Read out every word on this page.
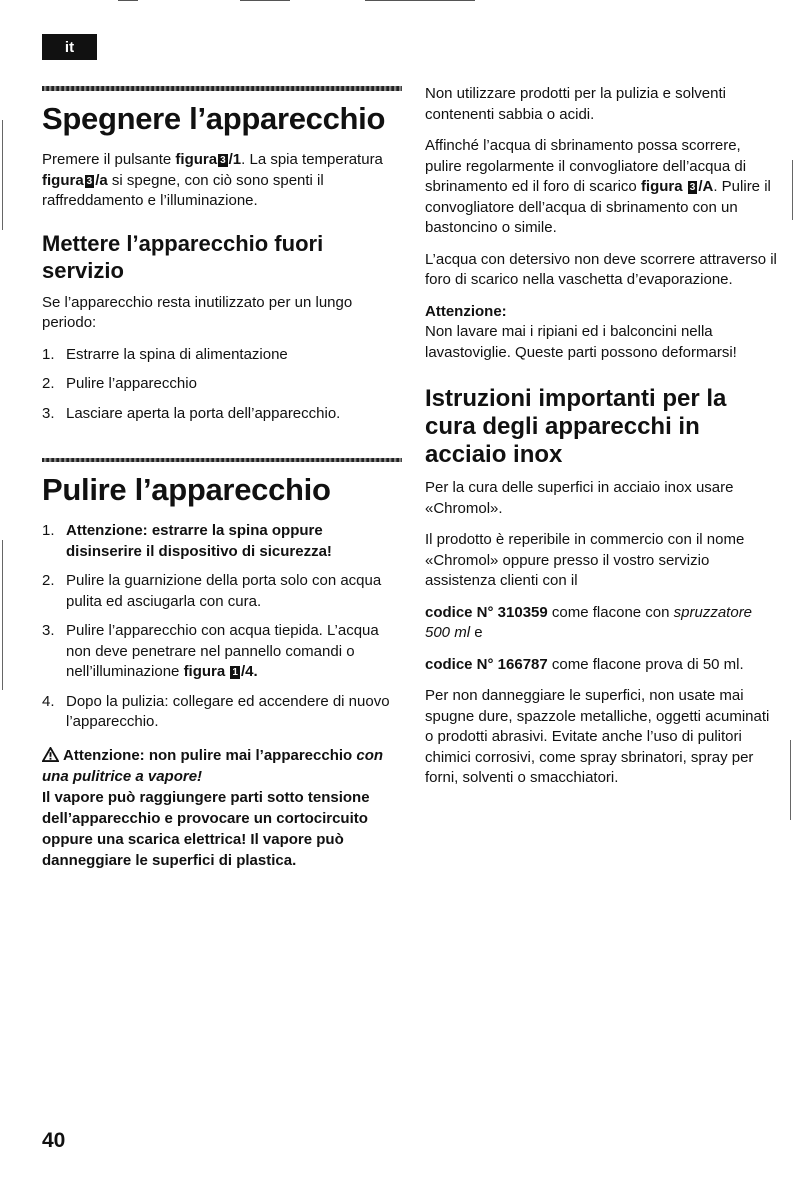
it
Spegnere l’apparecchio

Premere il pulsante figura 3 /1. La spia temperatura figura 3 /a si spegne, con ciò sono spenti il raffreddamento e l’illuminazione.

Mettere l’apparecchio fuori servizio

Se l’apparecchio resta inutilizzato per un lungo periodo:

1. Estrarre la spina di alimentazione
2. Pulire l’apparecchio
3. Lasciare aperta la porta dell’apparecchio.
Pulire l’apparecchio
1. Attenzione: estrarre la spina oppure disinserire il dispositivo di sicurezza!
2. Pulire la guarnizione della porta solo con acqua pulita ed asciugarla con cura.
3. Pulire l’apparecchio con acqua tiepida. L’acqua non deve penetrare nel pannello comandi o nell’illuminazione figura 1 /4.
4. Dopo la pulizia: collegare ed accendere di nuovo l’apparecchio.

Attenzione: non pulire mai l’apparecchio con una pulitrice a vapore!
Il vapore può raggiungere parti sotto tensione dell’apparecchio e provocare un cortocircuito oppure una scarica elettrica! Il vapore può danneggiare le superfici di plastica.

Non utilizzare prodotti per la pulizia e solventi contenenti sabbia o acidi.

Affinché l’acqua di sbrinamento possa scorrere, pulire regolarmente il convogliatore dell’acqua di sbrinamento ed il foro di scarico figura 3 /A. Pulire il convogliatore dell’acqua di sbrinamento con un bastoncino o simile.

L’acqua con detersivo non deve scorrere attraverso il foro di scarico nella vaschetta d’evaporazione.

Attenzione:
Non lavare mai i ripiani ed i balconcini nella lavastoviglie. Queste parti possono deformarsi!

Istruzioni importanti per la cura degli apparecchi in acciaio inox

Per la cura delle superfici in acciaio inox usare «Chromol».

Il prodotto è reperibile in commercio con il nome «Chromol» oppure presso il vostro servizio assistenza clienti con il

codice N° 310359 come flacone con spruzzatore 500 ml e

codice N° 166787 come flacone prova di 50 ml.

Per non danneggiare le superfici, non usate mai spugne dure, spazzole metalliche, oggetti acuminati o prodotti abrasivi. Evitate anche l’uso di pulitori chimici corrosivi, come spray sbrinatori, spray per forni, solventi o smacchiatori.

40
